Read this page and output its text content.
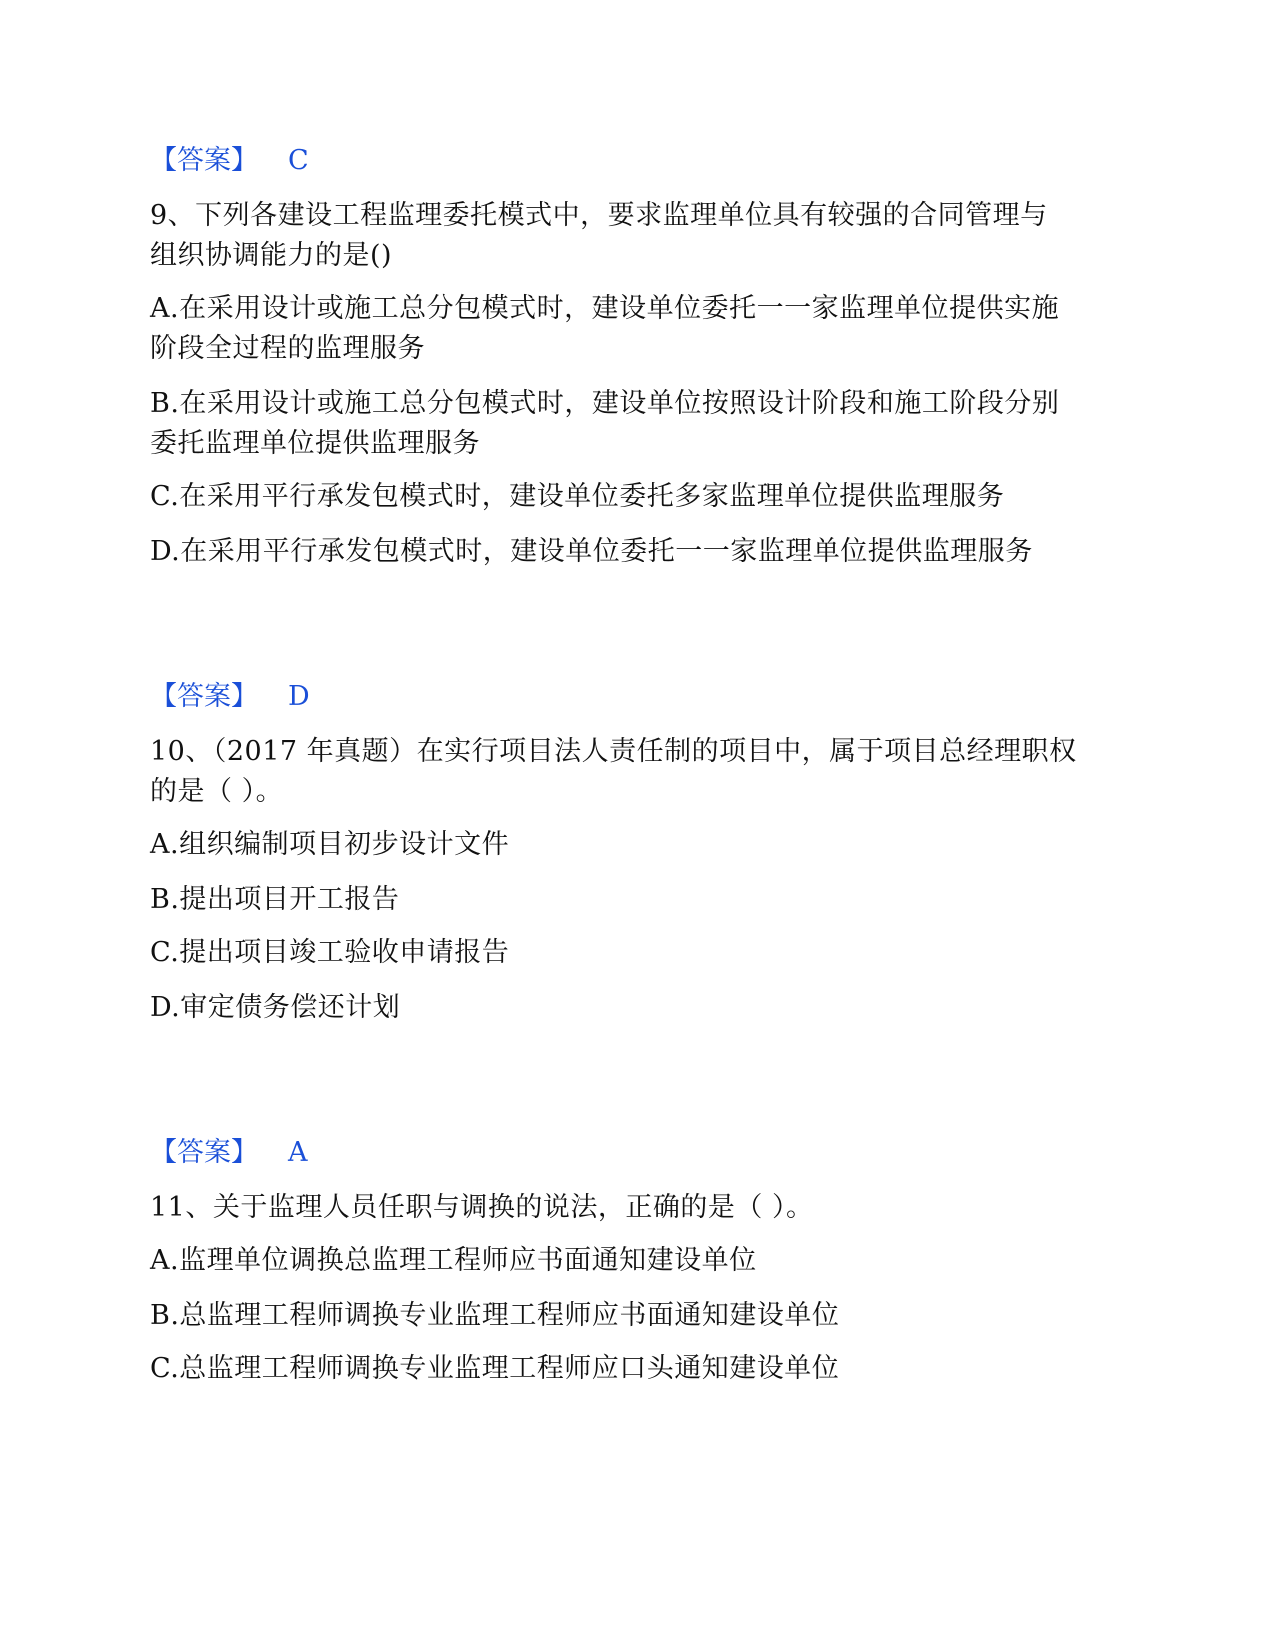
【答案】 C
9、下列各建设工程监理委托模式中，要求监理单位具有较强的合同管理与
组织协调能力的是()
A.在采用设计或施工总分包模式时，建设单位委托一一家监理单位提供实施
阶段全过程的监理服务
B.在采用设计或施工总分包模式时，建设单位按照设计阶段和施工阶段分别
委托监理单位提供监理服务
C.在采用平行承发包模式时，建设单位委托多家监理单位提供监理服务
D.在采用平行承发包模式时，建设单位委托一一家监理单位提供监理服务
【答案】 D
10、（2017 年真题）在实行项目法人责任制的项目中，属于项目总经理职权
的是（ ）。
A.组织编制项目初步设计文件
B.提出项目开工报告
C.提出项目竣工验收申请报告
D.审定债务偿还计划
【答案】 A
11、关于监理人员任职与调换的说法，正确的是（ ）。
A.监理单位调换总监理工程师应书面通知建设单位
B.总监理工程师调换专业监理工程师应书面通知建设单位
C.总监理工程师调换专业监理工程师应口头通知建设单位
